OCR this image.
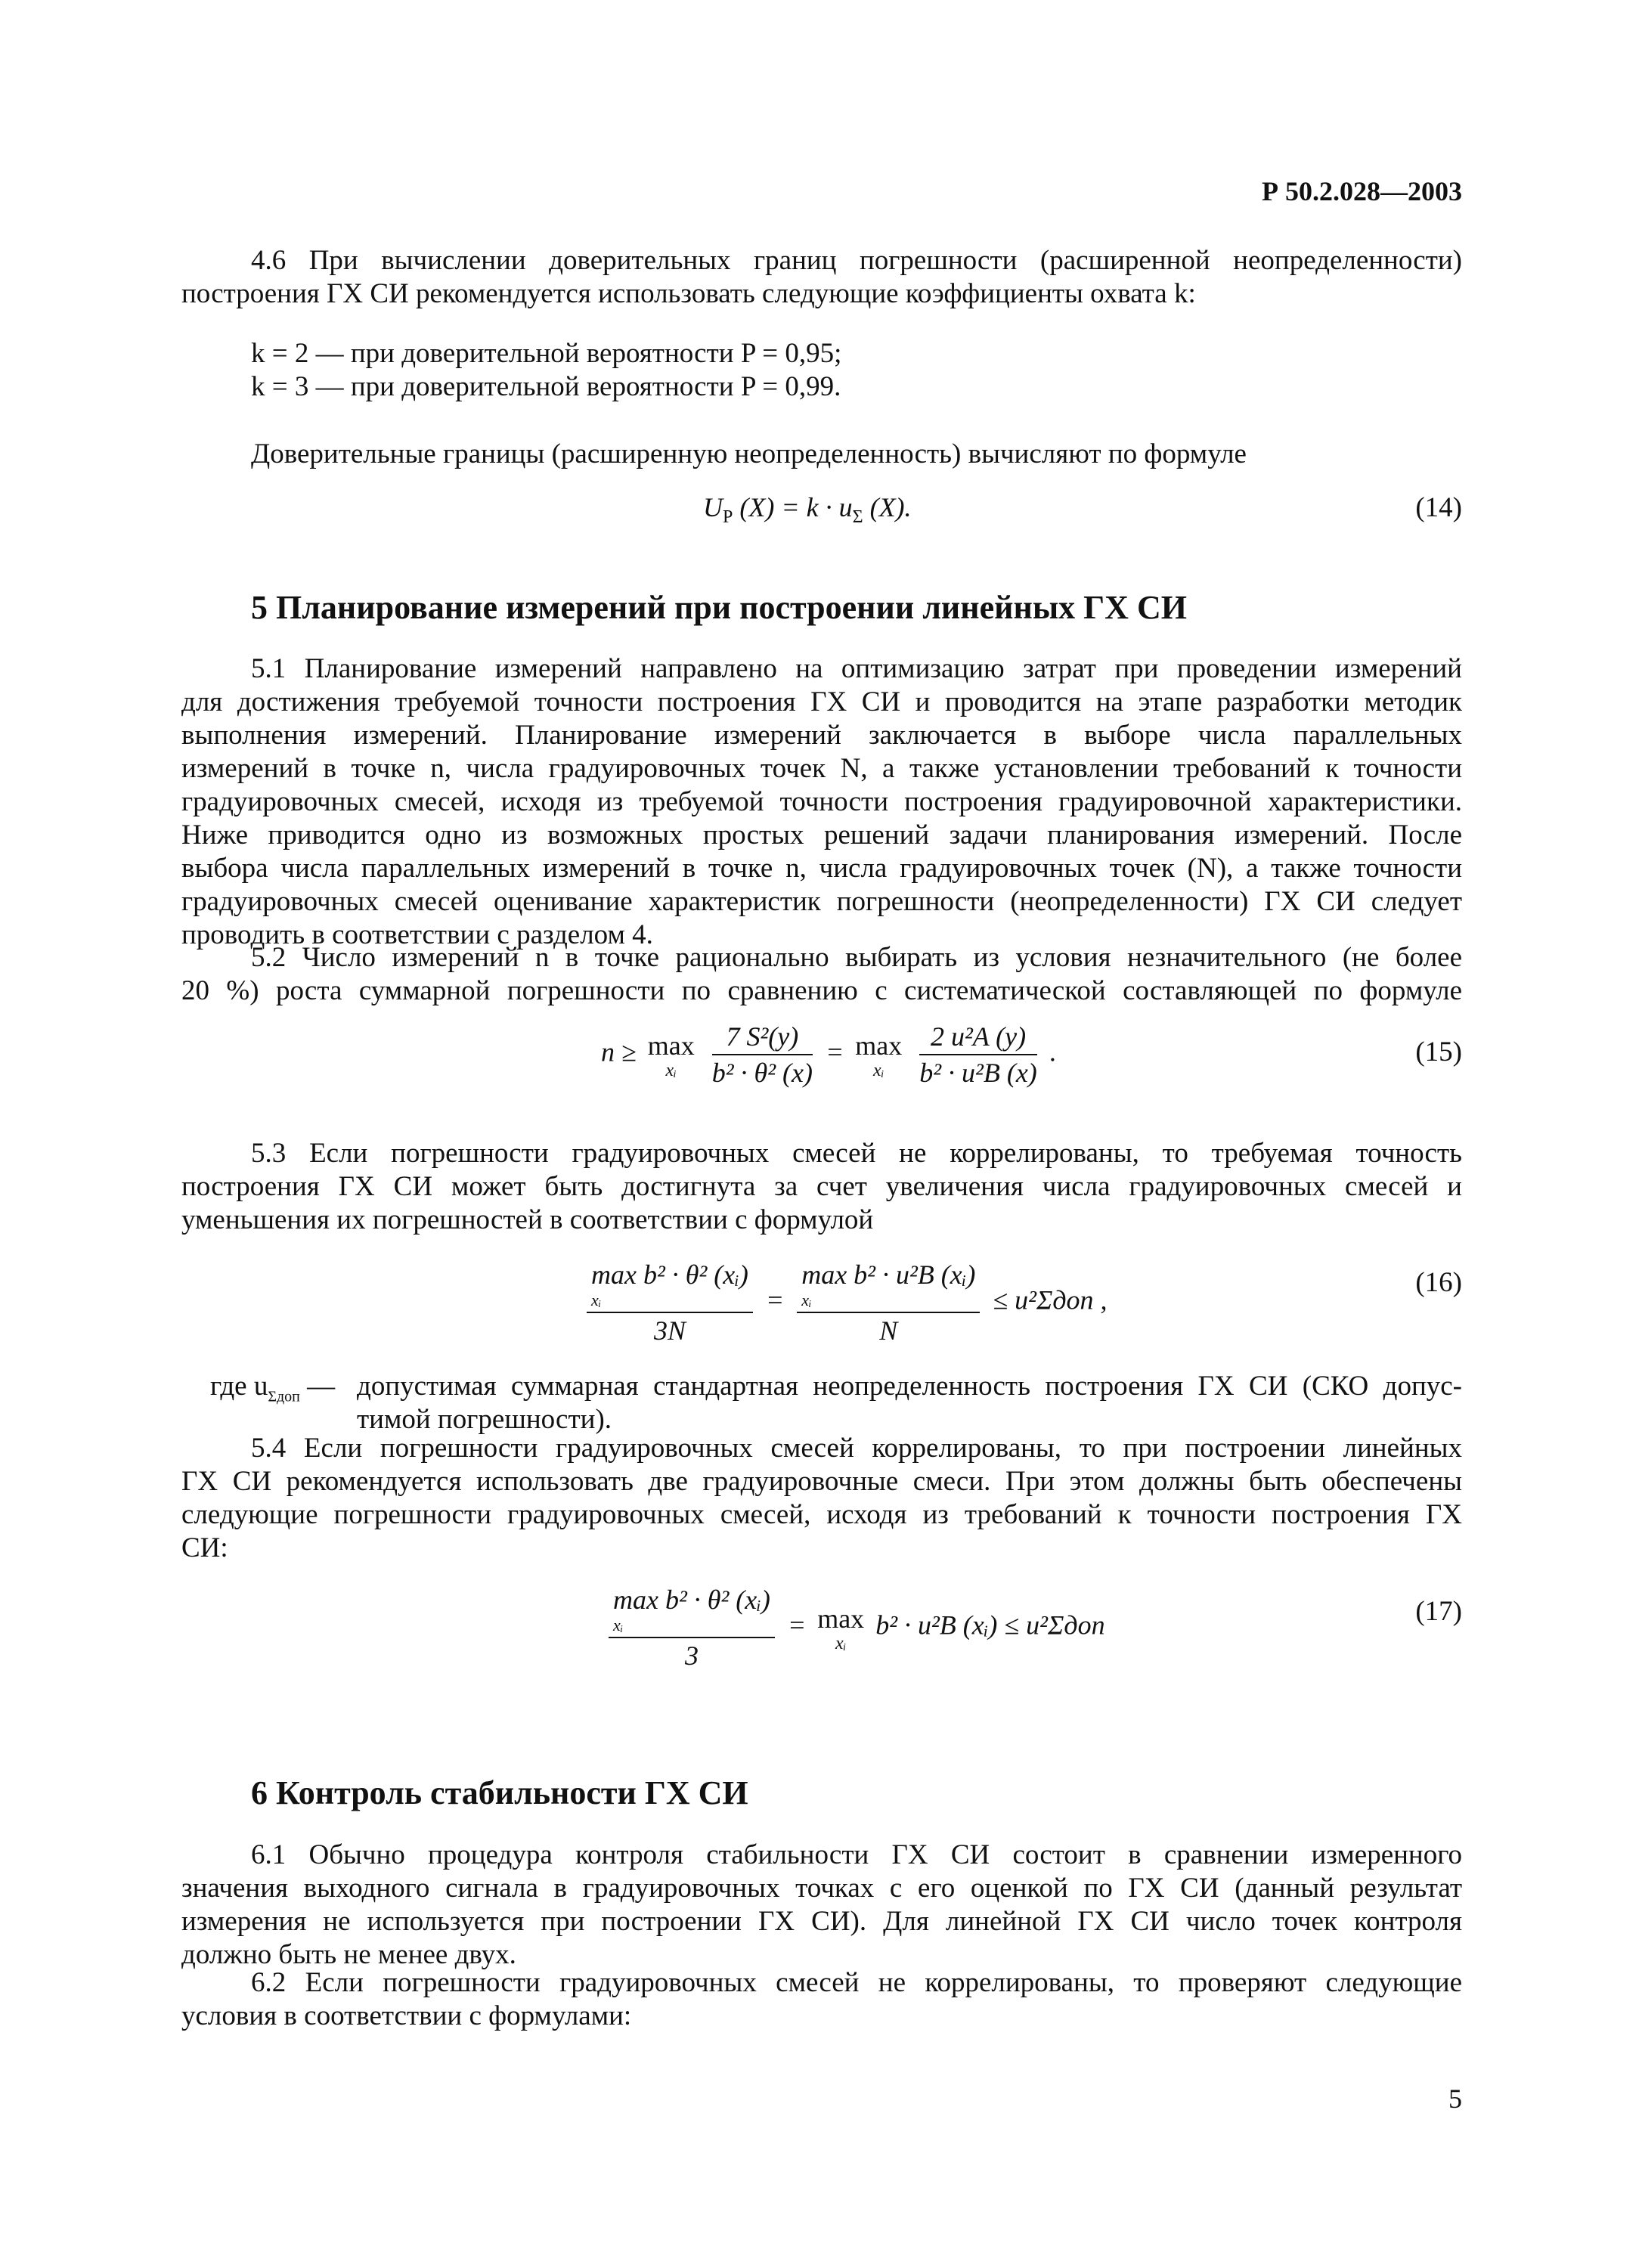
Р 50.2.028—2003
4.6 При вычислении доверительных границ погрешности (расширенной неопределенности)
построения ГХ СИ рекомендуется использовать следующие коэффициенты охвата k:
k = 2 — при доверительной вероятности P = 0,95;
k = 3 — при доверительной вероятности P = 0,99.
Доверительные границы (расширенную неопределенность) вычисляют по формуле
$U_P$ $(X) = k \cdot u_\Sigma$ (X).	(14)
5 Планирование измерений при построении линейных ГХ СИ
5.1 Планирование измерений направлено на оптимизацию затрат при проведении измерений
для достижения требуемой точности построения ГХ СИ и проводится на этапе разработки методик
выполнения измерений. Планирование измерений заключается в выборе числа параллельных
измерений в точке n, числа градуировочных точек N, а также установлении требований к точности
градуировочных смесей, исходя из требуемой точности построения градуировочной характеристики.
Ниже приводится одно из возможных простых решений задачи планирования измерений. После
выбора числа параллельных измерений в точке n, числа градуировочных точек (N), а также точности
градуировочных смесей оценивание характеристик погрешности (неопределенности) ГХ СИ следует
проводить в соответствии с разделом 4.
5.2 Число измерений n в точке рационально выбирать из условия незначительного (не более
20 %) роста суммарной погрешности по сравнению с систематической составляющей по формуле
n ≥ max
xᵢ
	$\frac{\text{7 S²(y)}}{\text{b² · θ² (x)}} = \max$
xᵢ
	$\frac{\text{2 u²A (y)}}{\text{b² · u²B (x)}}$ .	(15)
5.3 Если погрешности градуировочных смесей не коррелированы, то требуемая точность
построения ГХ СИ может быть достигнута за счет увеличения числа градуировочных смесей и
уменьшения их погрешностей в соответствии с формулой
max b² · θ² (xᵢ)
xᵢ
3N = max b² · u²B (xᵢ)
xᵢ
N ≤ u²Σдоп ,
(16)
где $u_{\Sigma доп}$ — допустимая суммарная стандартная неопределенность построения ГХ СИ (СКО допус-
тимой погрешности).
5.4 Если погрешности градуировочных смесей коррелированы, то при построении линейных
ГХ СИ рекомендуется использовать две градуировочные смеси. При этом должны быть обеспечены
следующие погрешности градуировочных смесей, исходя из требований к точности построения ГХ
СИ:
max b² · θ² (xᵢ)
xᵢ
3 = max
xᵢ
b² · u²B (xᵢ) ≤ u²Σдоп	(17)
6 Контроль стабильности ГХ СИ
6.1 Обычно процедура контроля стабильности ГХ СИ состоит в сравнении измеренного
значения выходного сигнала в градуировочных точках с его оценкой по ГХ СИ (данный результат
измерения не используется при построении ГХ СИ). Для линейной ГХ СИ число точек контроля
должно быть не менее двух.
6.2 Если погрешности градуировочных смесей не коррелированы, то проверяют следующие
условия в соответствии с формулами:
5
